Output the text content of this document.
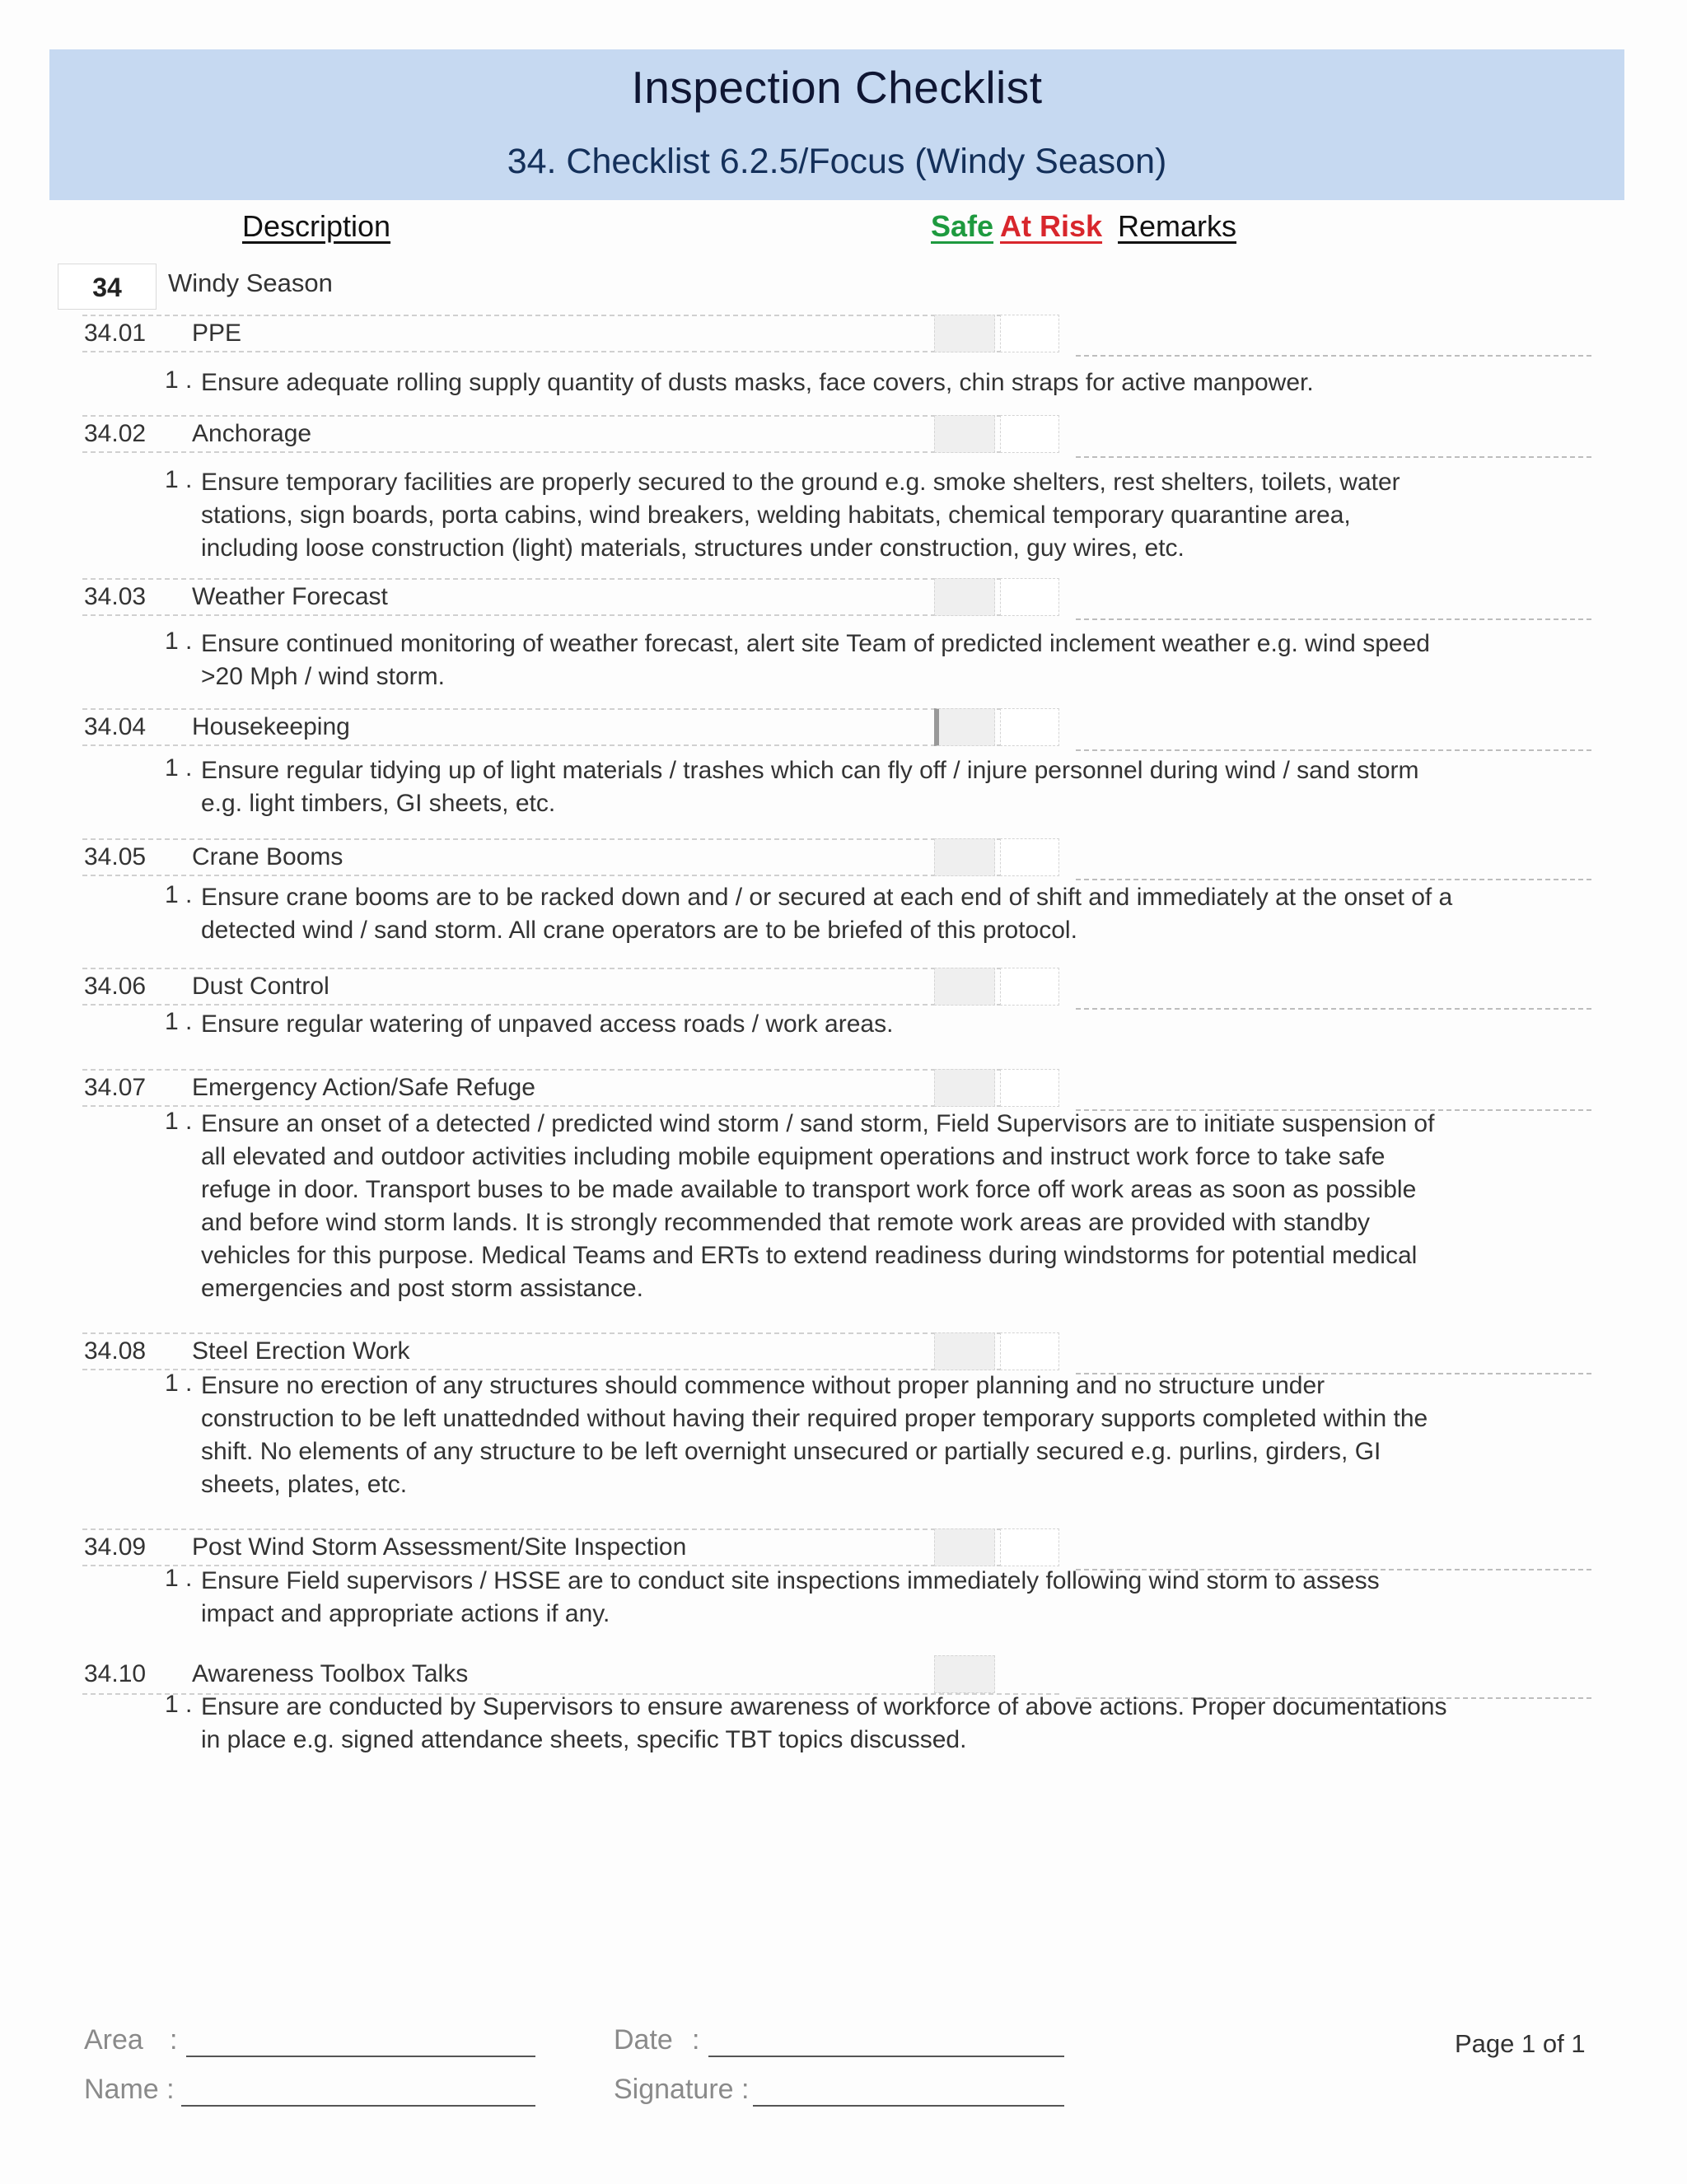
Inspection Checklist
34. Checklist 6.2.5/Focus (Windy Season)
Description	Safe At Risk Remarks
34	Windy Season
34.01 PPE
1 . Ensure adequate rolling supply quantity of dusts masks, face covers, chin straps for active manpower.
34.02 Anchorage
1 . Ensure temporary facilities are properly secured to the ground e.g. smoke shelters, rest shelters, toilets, water stations, sign boards, porta cabins, wind breakers, welding habitats, chemical temporary quarantine area, including loose construction (light) materials, structures under construction, guy wires, etc.
34.03 Weather Forecast
1 . Ensure continued monitoring of weather forecast, alert site Team of predicted inclement weather e.g. wind speed >20 Mph / wind storm.
34.04 Housekeeping
1 . Ensure regular tidying up of light materials / trashes which can fly off / injure personnel during wind / sand storm e.g. light timbers, GI sheets, etc.
34.05 Crane Booms
1 . Ensure crane booms are to be racked down and / or secured at each end of shift and immediately at the onset of a detected wind / sand storm. All crane operators are to be briefed of this protocol.
34.06 Dust Control
1 . Ensure regular watering of unpaved access roads / work areas.
34.07 Emergency Action/Safe Refuge
1 . Ensure an onset of a detected / predicted wind storm / sand storm, Field Supervisors are to initiate suspension of all elevated and outdoor activities including mobile equipment operations and instruct work force to take safe refuge in door. Transport buses to be made available to transport work force off work areas as soon as possible and before wind storm lands. It is strongly recommended that remote work areas are provided with standby vehicles for this purpose. Medical Teams and ERTs to extend readiness during windstorms for potential medical emergencies and post storm assistance.
34.08 Steel Erection Work
1 . Ensure no erection of any structures should commence without proper planning and no structure under construction to be left unattednded without having their required proper temporary supports completed within the shift. No elements of any structure to be left overnight unsecured or partially secured e.g. purlins, girders, GI sheets, plates, etc.
34.09 Post Wind Storm Assessment/Site Inspection
1 . Ensure Field supervisors / HSSE are to conduct site inspections immediately following wind storm to assess impact and appropriate actions if any.
34.10 Awareness Toolbox Talks
1 . Ensure are conducted by Supervisors to ensure awareness of workforce of above actions. Proper documentations in place e.g. signed attendance sheets, specific TBT topics discussed.
Area :
Name :
Date :
Signature :
Page 1 of 1
